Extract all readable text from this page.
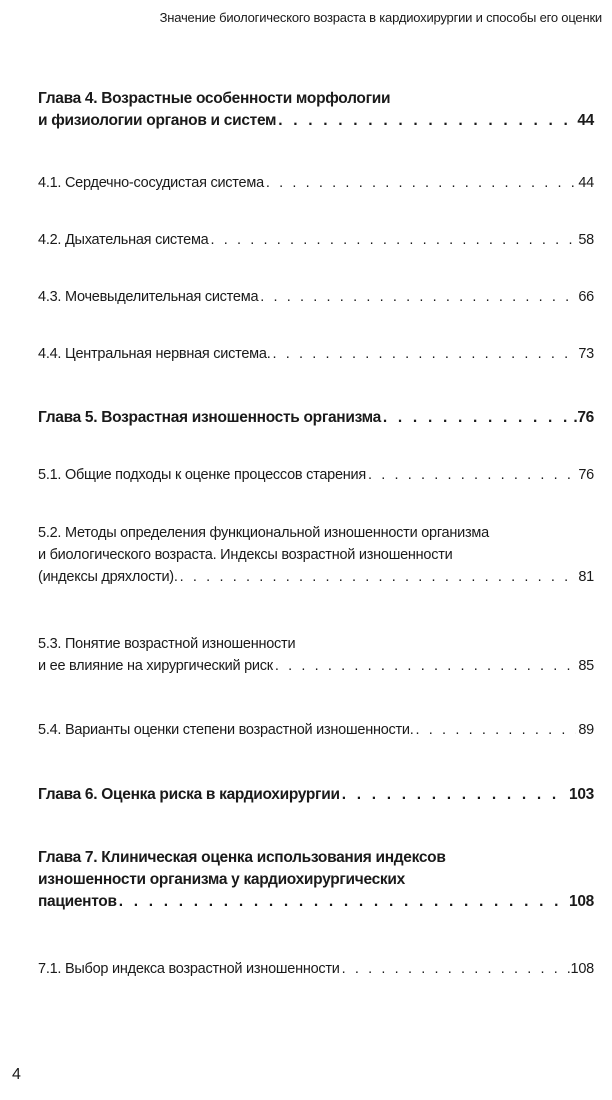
Значение биологического возраста в кардиохирургии и способы его оценки
Глава 4. Возрастные особенности морфологии
и физиологии органов и систем . . .	44
4.1. Сердечно-сосудистая система . . .	44
4.2. Дыхательная система . . .	58
4.3. Мочевыделительная система . . .	66
4.4. Центральная нервная система. . . .	73
Глава 5. Возрастная изношенность организма . . .	.76
5.1. Общие подходы к оценке процессов старения . . .	76
5.2. Методы определения функциональной изношенности организма
и биологического возраста. Индексы возрастной изношенности
(индексы дряхлости). . . .	81
5.3. Понятие возрастной изношенности
и ее влияние на хирургический риск . . .	85
5.4. Варианты оценки степени возрастной изношенности. . . .	89
Глава 6. Оценка риска в кардиохирургии . . .	103
Глава 7. Клиническая оценка использования индексов
изношенности организма у кардиохирургических
пациентов . . .	108
7.1. Выбор индекса возрастной изношенности . . .	.108
4
